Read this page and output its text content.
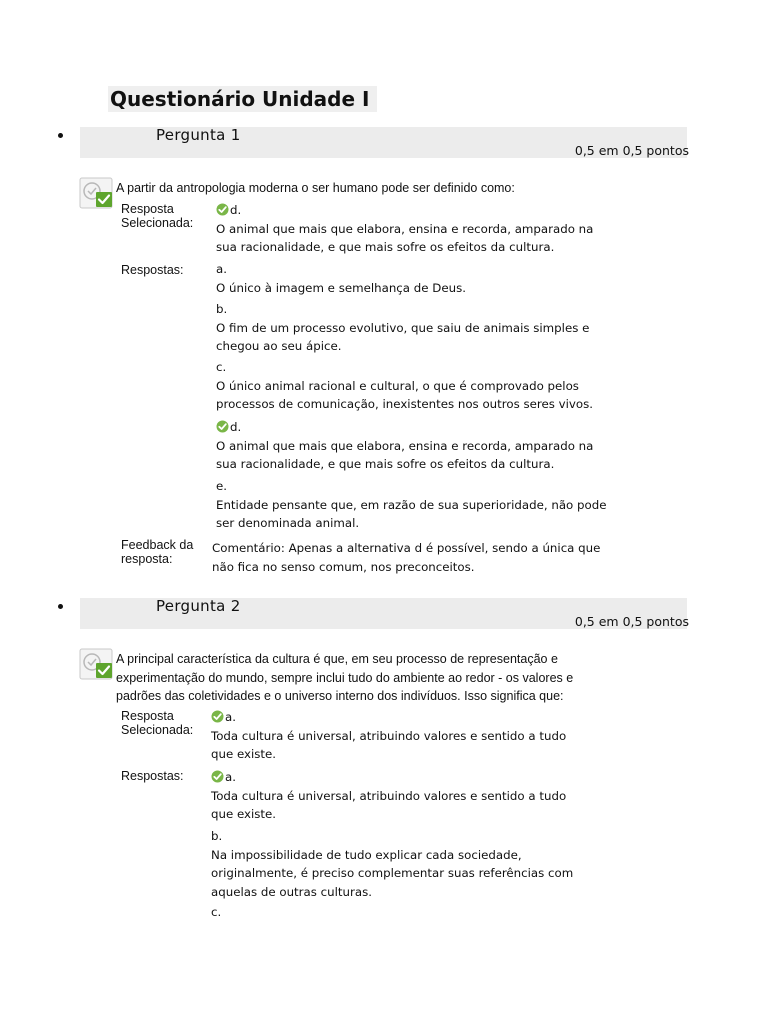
Questionário Unidade I
Pergunta 1
0,5 em 0,5 pontos
A partir da antropologia moderna o ser humano pode ser definido como:
Resposta Selecionada:
d.
O animal que mais que elabora, ensina e recorda, amparado na sua racionalidade, e que mais sofre os efeitos da cultura.
Respostas:	a.
O único à imagem e semelhança de Deus.
b.
O fim de um processo evolutivo, que saiu de animais simples e chegou ao seu ápice.
c.
O único animal racional e cultural, o que é comprovado pelos processos de comunicação, inexistentes nos outros seres vivos.
d.
O animal que mais que elabora, ensina e recorda, amparado na sua racionalidade, e que mais sofre os efeitos da cultura.
e.
Entidade pensante que, em razão de sua superioridade, não pode ser denominada animal.
Feedback da resposta:
Comentário: Apenas a alternativa d é possível, sendo a única que não fica no senso comum, nos preconceitos.
Pergunta 2
0,5 em 0,5 pontos
A principal característica da cultura é que, em seu processo de representação e experimentação do mundo, sempre inclui tudo do ambiente ao redor - os valores e padrões das coletividades e o universo interno dos indivíduos. Isso significa que:
Resposta Selecionada:
a.
Toda cultura é universal, atribuindo valores e sentido a tudo que existe.
Respostas:	a.
Toda cultura é universal, atribuindo valores e sentido a tudo que existe.
b.
Na impossibilidade de tudo explicar cada sociedade, originalmente, é preciso complementar suas referências com aquelas de outras culturas.
c.
